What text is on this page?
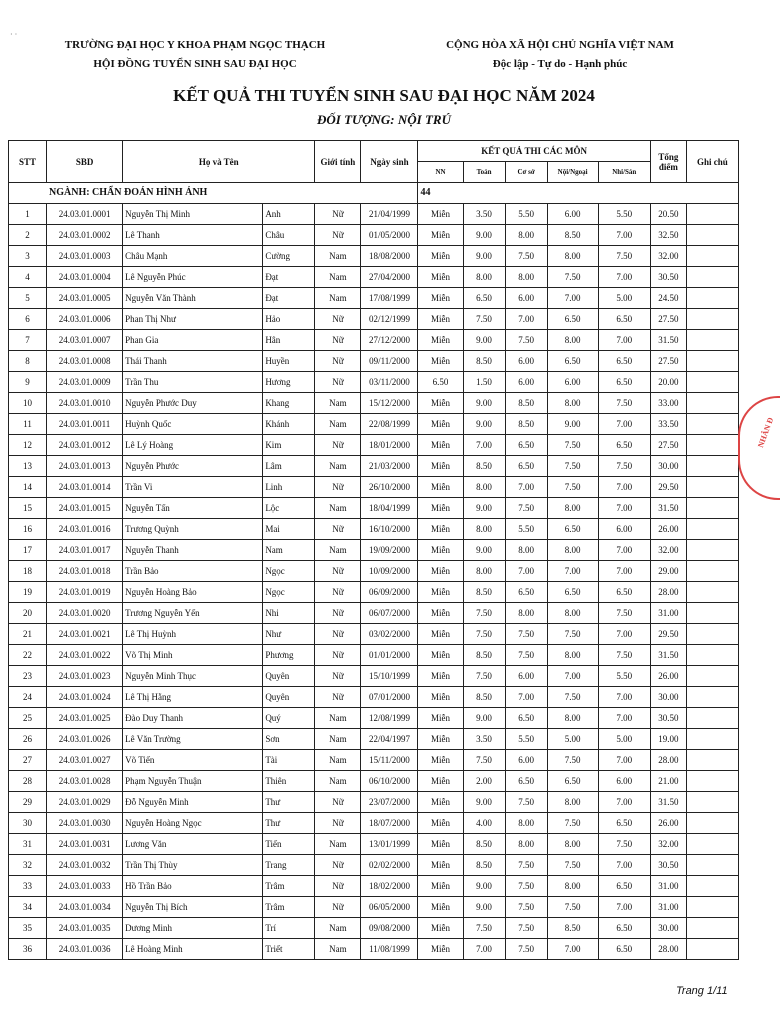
· ·
TRƯỜNG ĐẠI HỌC Y KHOA PHẠM NGỌC THẠCH
HỘI ĐỒNG TUYỂN SINH SAU ĐẠI HỌC
CỘNG HÒA XÃ HỘI CHỦ NGHĨA VIỆT NAM
Độc lập - Tự do - Hạnh phúc
KẾT QUẢ THI TUYỂN SINH SAU ĐẠI HỌC NĂM 2024
ĐỐI TƯỢNG: NỘI TRÚ
STT	SBD	Họ và Tên		Giới tính	Ngày sinh	KẾT QUẢ THI CÁC MÔN					Tổng điểm	Ghi chú
						NN	Toán	Cơ sở	Nội/Ngoại	Nhi/Sản		
NGÀNH: CHẨN ĐOÁN HÌNH ẢNH						44						
1	24.03.01.0001	Nguyễn Thị Minh	Anh	Nữ	21/04/1999	Miễn	3.50	5.50	6.00	5.50	20.50	
2	24.03.01.0002	Lê Thanh	Châu	Nữ	01/05/2000	Miễn	9.00	8.00	8.50	7.00	32.50	
3	24.03.01.0003	Châu Mạnh	Cường	Nam	18/08/2000	Miễn	9.00	7.50	8.00	7.50	32.00	
4	24.03.01.0004	Lê Nguyễn Phúc	Đạt	Nam	27/04/2000	Miễn	8.00	8.00	7.50	7.00	30.50	
5	24.03.01.0005	Nguyễn Văn Thành	Đạt	Nam	17/08/1999	Miễn	6.50	6.00	7.00	5.00	24.50	
6	24.03.01.0006	Phan Thị Như	Hảo	Nữ	02/12/1999	Miễn	7.50	7.00	6.50	6.50	27.50	
7	24.03.01.0007	Phan Gia	Hân	Nữ	27/12/2000	Miễn	9.00	7.50	8.00	7.00	31.50	
8	24.03.01.0008	Thái Thanh	Huyền	Nữ	09/11/2000	Miễn	8.50	6.00	6.50	6.50	27.50	
9	24.03.01.0009	Trần Thu	Hương	Nữ	03/11/2000	6.50	1.50	6.00	6.00	6.50	20.00	
10	24.03.01.0010	Nguyễn Phước Duy	Khang	Nam	15/12/2000	Miễn	9.00	8.50	8.00	7.50	33.00	
11	24.03.01.0011	Huỳnh Quốc	Khánh	Nam	22/08/1999	Miễn	9.00	8.50	9.00	7.00	33.50	
12	24.03.01.0012	Lê Lý Hoàng	Kim	Nữ	18/01/2000	Miễn	7.00	6.50	7.50	6.50	27.50	
13	24.03.01.0013	Nguyễn Phước	Lâm	Nam	21/03/2000	Miễn	8.50	6.50	7.50	7.50	30.00	
14	24.03.01.0014	Trần Vi	Linh	Nữ	26/10/2000	Miễn	8.00	7.00	7.50	7.00	29.50	
15	24.03.01.0015	Nguyễn Tấn	Lộc	Nam	18/04/1999	Miễn	9.00	7.50	8.00	7.00	31.50	
16	24.03.01.0016	Trương Quỳnh	Mai	Nữ	16/10/2000	Miễn	8.00	5.50	6.50	6.00	26.00	
17	24.03.01.0017	Nguyễn Thanh	Nam	Nam	19/09/2000	Miễn	9.00	8.00	8.00	7.00	32.00	
18	24.03.01.0018	Trần Bảo	Ngọc	Nữ	10/09/2000	Miễn	8.00	7.00	7.00	7.00	29.00	
19	24.03.01.0019	Nguyễn Hoàng Bảo	Ngọc	Nữ	06/09/2000	Miễn	8.50	6.50	6.50	6.50	28.00	
20	24.03.01.0020	Trương Nguyễn Yến	Nhi	Nữ	06/07/2000	Miễn	7.50	8.00	8.00	7.50	31.00	
21	24.03.01.0021	Lê Thị Huỳnh	Như	Nữ	03/02/2000	Miễn	7.50	7.50	7.50	7.00	29.50	
22	24.03.01.0022	Võ Thị Minh	Phương	Nữ	01/01/2000	Miễn	8.50	7.50	8.00	7.50	31.50	
23	24.03.01.0023	Nguyễn Minh Thục	Quyên	Nữ	15/10/1999	Miễn	7.50	6.00	7.00	5.50	26.00	
24	24.03.01.0024	Lê Thị Hằng	Quyên	Nữ	07/01/2000	Miễn	8.50	7.00	7.50	7.00	30.00	
25	24.03.01.0025	Đào Duy Thanh	Quý	Nam	12/08/1999	Miễn	9.00	6.50	8.00	7.00	30.50	
26	24.03.01.0026	Lê Văn Trường	Sơn	Nam	22/04/1997	Miễn	3.50	5.50	5.00	5.00	19.00	
27	24.03.01.0027	Võ Tiến	Tài	Nam	15/11/2000	Miễn	7.50	6.00	7.50	7.00	28.00	
28	24.03.01.0028	Phạm Nguyễn Thuận	Thiên	Nam	06/10/2000	Miễn	2.00	6.50	6.50	6.00	21.00	
29	24.03.01.0029	Đỗ Nguyễn Minh	Thư	Nữ	23/07/2000	Miễn	9.00	7.50	8.00	7.00	31.50	
30	24.03.01.0030	Nguyễn Hoàng Ngọc	Thư	Nữ	18/07/2000	Miễn	4.00	8.00	7.50	6.50	26.00	
31	24.03.01.0031	Lương Văn	Tiến	Nam	13/01/1999	Miễn	8.50	8.00	8.00	7.50	32.00	
32	24.03.01.0032	Trần Thị Thùy	Trang	Nữ	02/02/2000	Miễn	8.50	7.50	7.50	7.00	30.50	
33	24.03.01.0033	Hồ Trần Bảo	Trâm	Nữ	18/02/2000	Miễn	9.00	7.50	8.00	6.50	31.00	
34	24.03.01.0034	Nguyễn Thị Bích	Trâm	Nữ	06/05/2000	Miễn	9.00	7.50	7.50	7.00	31.00	
35	24.03.01.0035	Dương Minh	Trí	Nam	09/08/2000	Miễn	7.50	7.50	8.50	6.50	30.00	
36	24.03.01.0036	Lê Hoàng Minh	Triết	Nam	11/08/1999	Miễn	7.00	7.50	7.00	6.50	28.00	
NHÂN Đ
Trang 1/11
